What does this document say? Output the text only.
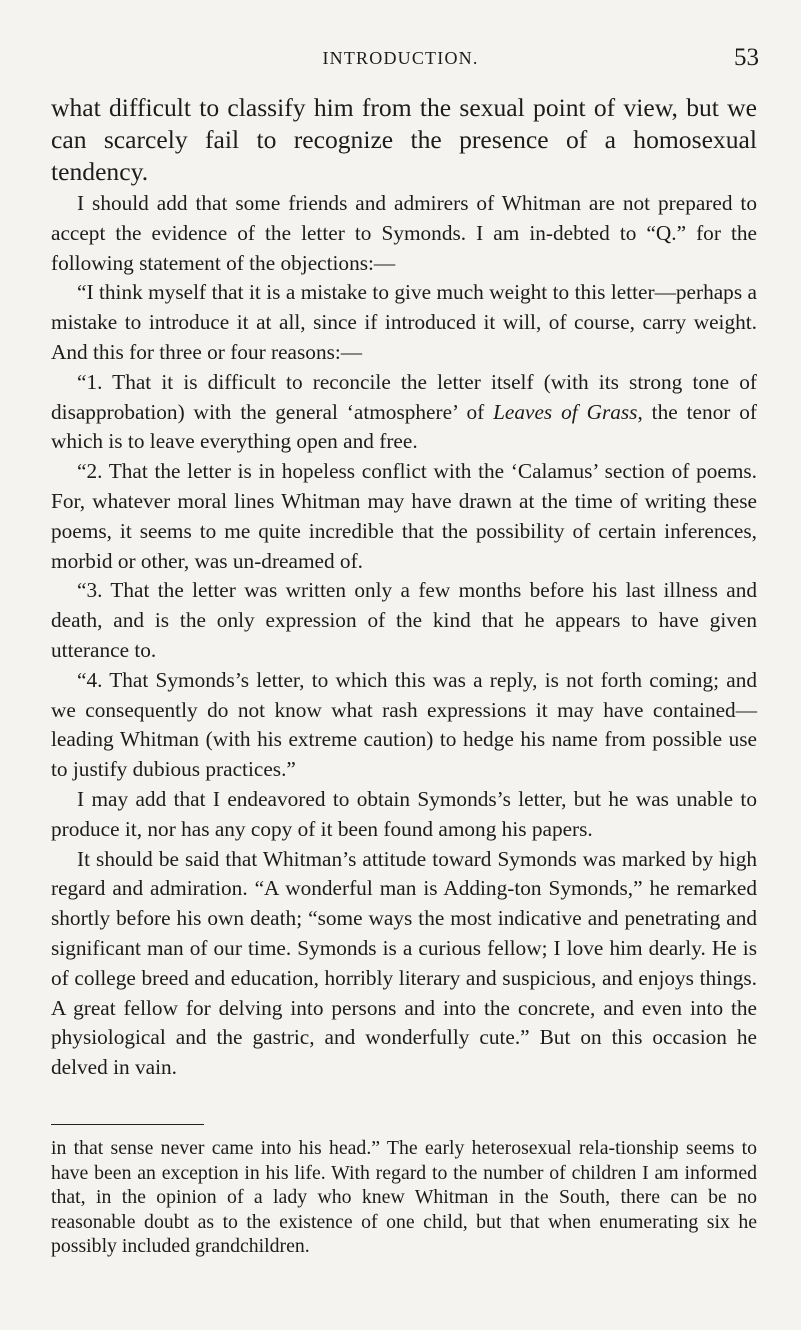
INTRODUCTION.	53

what difficult to classify him from the sexual point of view, but we can scarcely fail to recognize the presence of a homosexual tendency.

I should add that some friends and admirers of Whitman are not prepared to accept the evidence of the letter to Symonds. I am in-debted to “Q.” for the following statement of the objections:—

“I think myself that it is a mistake to give much weight to this letter—perhaps a mistake to introduce it at all, since if introduced it will, of course, carry weight. And this for three or four reasons:—

“1. That it is difficult to reconcile the letter itself (with its strong tone of disapprobation) with the general ‘atmosphere’ of Leaves of Grass, the tenor of which is to leave everything open and free.

“2. That the letter is in hopeless conflict with the ‘Calamus’ section of poems. For, whatever moral lines Whitman may have drawn at the time of writing these poems, it seems to me quite incredible that the possibility of certain inferences, morbid or other, was un-dreamed of.

“3. That the letter was written only a few months before his last illness and death, and is the only expression of the kind that he appears to have given utterance to.

“4. That Symonds’s letter, to which this was a reply, is not forth coming; and we consequently do not know what rash expressions it may have contained—leading Whitman (with his extreme caution) to hedge his name from possible use to justify dubious practices.”

I may add that I endeavored to obtain Symonds’s letter, but he was unable to produce it, nor has any copy of it been found among his papers.

It should be said that Whitman’s attitude toward Symonds was marked by high regard and admiration. “A wonderful man is Adding-ton Symonds,” he remarked shortly before his own death; “some ways the most indicative and penetrating and significant man of our time. Symonds is a curious fellow; I love him dearly. He is of college breed and education, horribly literary and suspicious, and enjoys things. A great fellow for delving into persons and into the concrete, and even into the physiological and the gastric, and wonderfully cute.” But on this occasion he delved in vain.

in that sense never came into his head.” The early heterosexual rela-tionship seems to have been an exception in his life. With regard to the number of children I am informed that, in the opinion of a lady who knew Whitman in the South, there can be no reasonable doubt as to the existence of one child, but that when enumerating six he possibly included grandchildren.
